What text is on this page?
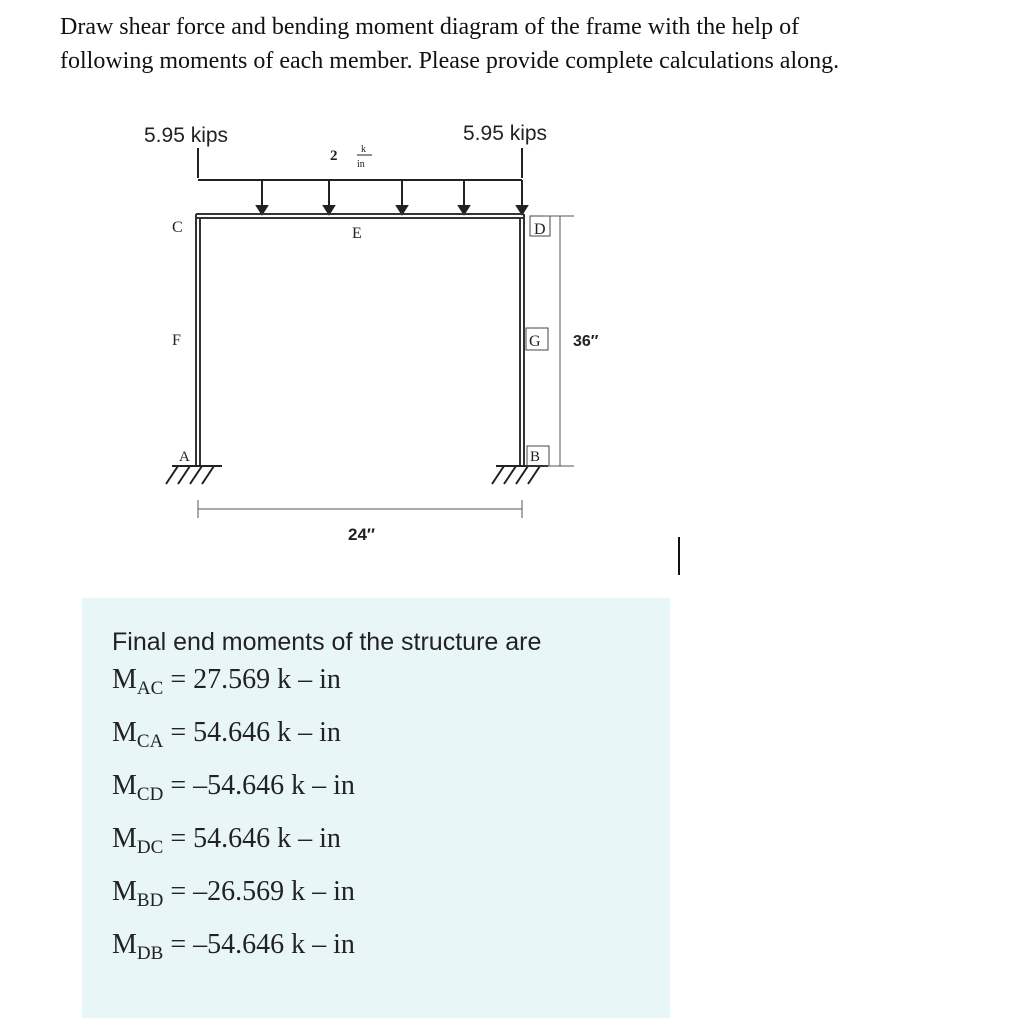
Draw shear force and bending moment diagram of the frame with the help of

following moments of each member. Please provide complete calculations along.

5.95 kips	5.95 kips
2 k
in
C	E	D
F	G
A	B
36″
24″
Final end moments of the structure are
$M_{AC} = 27.569$ k – in
$M_{CA} = 54.646$ k – in
$M_{CD} = -54.646$ k – in
$M_{DC} = 54.646$ k – in
$M_{BD} = -26.569$ k – in
$M_{DB} = -54.646$ k – in
